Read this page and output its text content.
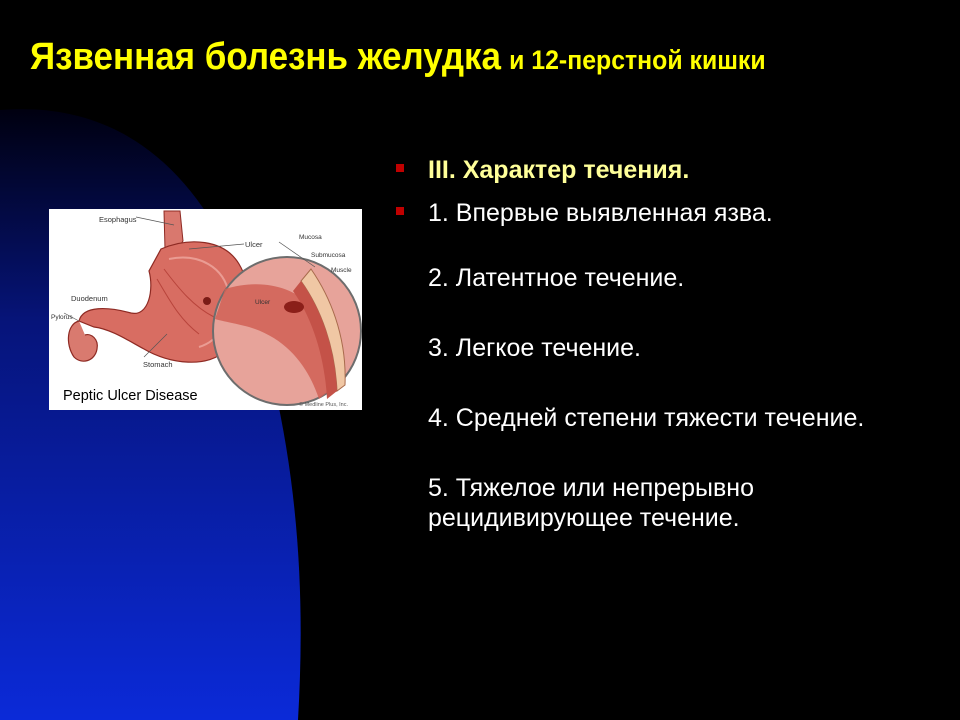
Язвенная болезнь желудка и 12-перстной кишки
Esophagus
Ulcer
Duodenum
Pylorus
Stomach
Mucosa
Submucosa
Muscle
Ulcer
Peptic Ulcer Disease
© Medline Plus, Inc.
III. Характер течения.
1. Впервые выявленная язва.
2. Латентное течение.
3. Легкое течение.
4. Средней степени тяжести течение.
5. Тяжелое или непрерывно рецидивирующее течение.
